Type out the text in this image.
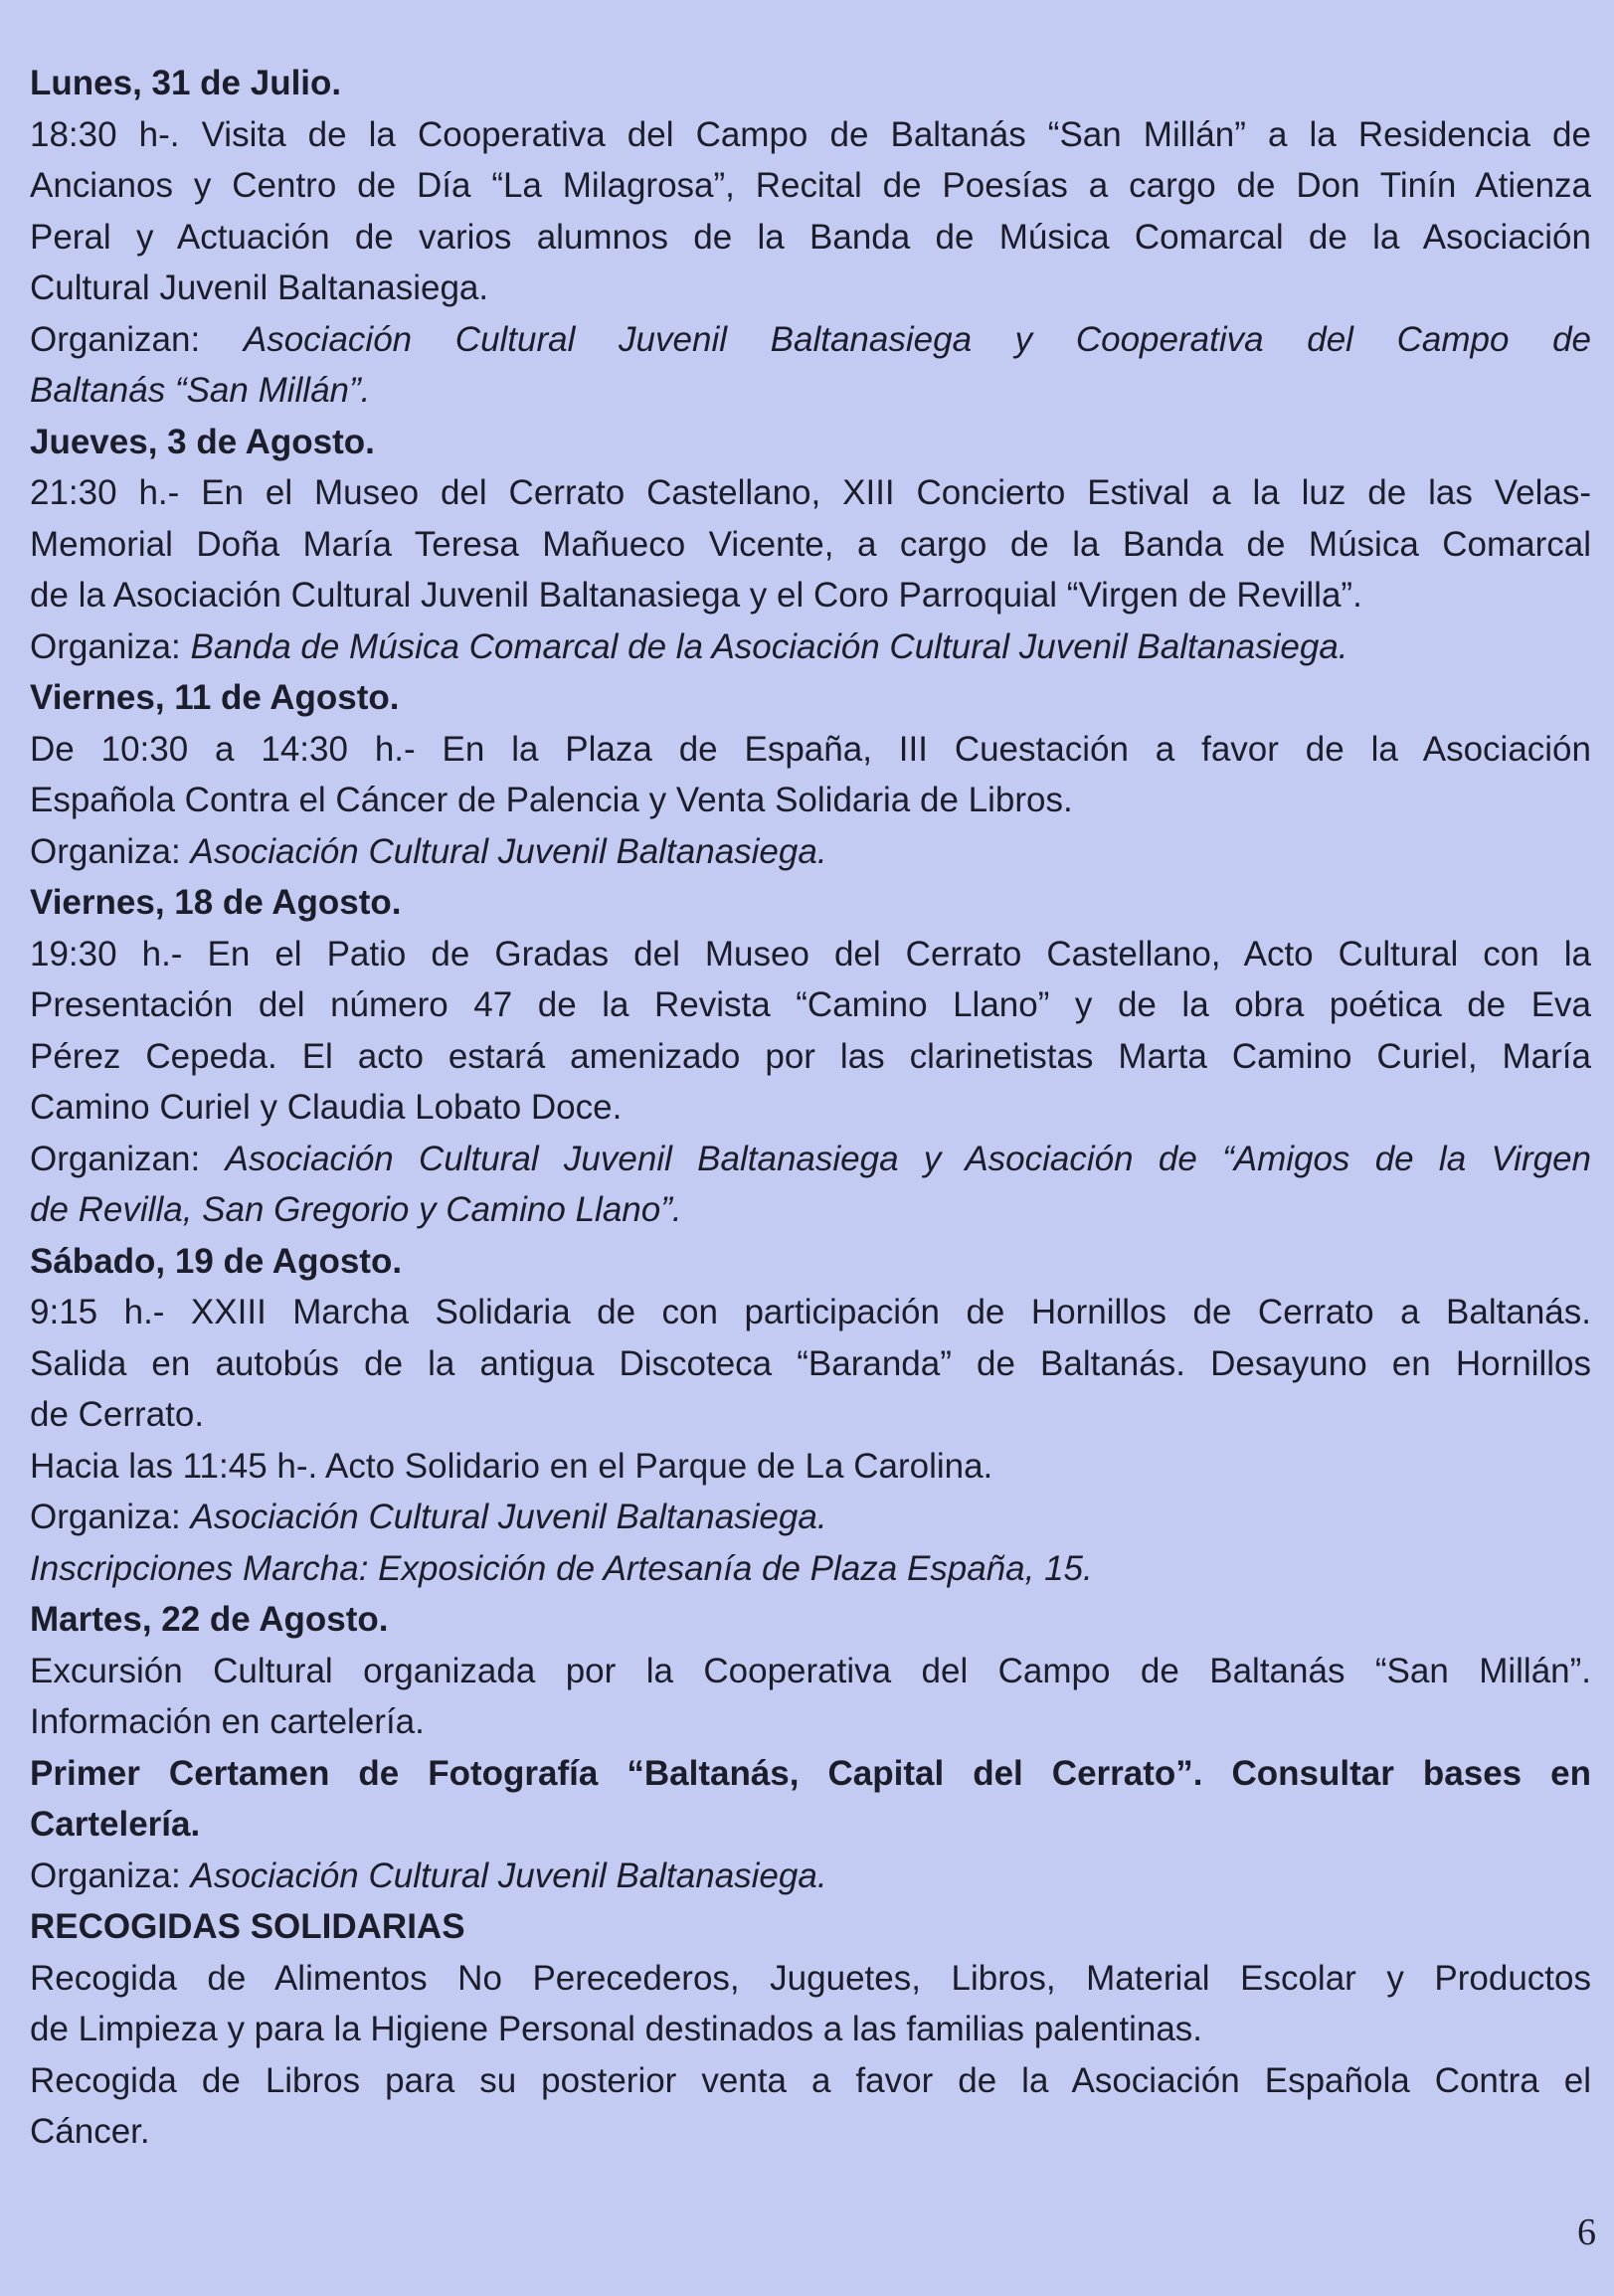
Lunes, 31 de Julio.
18:30 h-. Visita de la Cooperativa del Campo de Baltanás “San Millán” a la Residencia de
Ancianos y Centro de Día “La Milagrosa”, Recital de Poesías a cargo de Don Tinín Atienza
Peral y Actuación de varios alumnos de la Banda de Música Comarcal de la Asociación
Cultural Juvenil Baltanasiega.
Organizan: Asociación Cultural Juvenil Baltanasiega y Cooperativa del Campo de
Baltanás “San Millán”.
Jueves, 3 de Agosto.
21:30 h.- En el Museo del Cerrato Castellano, XIII Concierto Estival a la luz de las Velas-
Memorial Doña María Teresa Mañueco Vicente, a cargo de la Banda de Música Comarcal
de la Asociación Cultural Juvenil Baltanasiega y el Coro Parroquial “Virgen de Revilla”.
Organiza: Banda de Música Comarcal de la Asociación Cultural Juvenil Baltanasiega.
Viernes, 11 de Agosto.
De 10:30 a 14:30 h.- En la Plaza de España, III Cuestación a favor de la Asociación
Española Contra el Cáncer de Palencia y Venta Solidaria de Libros.
Organiza: Asociación Cultural Juvenil Baltanasiega.
Viernes, 18 de Agosto.
19:30 h.- En el Patio de Gradas del Museo del Cerrato Castellano, Acto Cultural con la
Presentación del número 47 de la Revista “Camino Llano” y de la obra poética de Eva
Pérez Cepeda. El acto estará amenizado por las clarinetistas Marta Camino Curiel, María
Camino Curiel y Claudia Lobato Doce.
Organizan: Asociación Cultural Juvenil Baltanasiega y Asociación de “Amigos de la Virgen
de Revilla, San Gregorio y Camino Llano”.
Sábado, 19 de Agosto.
9:15 h.- XXIII Marcha Solidaria de con participación de Hornillos de Cerrato a Baltanás.
Salida en autobús de la antigua Discoteca “Baranda” de Baltanás. Desayuno en Hornillos
de Cerrato.
Hacia las 11:45 h-. Acto Solidario en el Parque de La Carolina.
Organiza: Asociación Cultural Juvenil Baltanasiega.
Inscripciones Marcha: Exposición de Artesanía de Plaza España, 15.
Martes, 22 de Agosto.
Excursión Cultural organizada por la Cooperativa del Campo de Baltanás “San Millán”.
Información en cartelería.
Primer Certamen de Fotografía “Baltanás, Capital del Cerrato”. Consultar bases en
Cartelería.
Organiza: Asociación Cultural Juvenil Baltanasiega.
RECOGIDAS SOLIDARIAS
Recogida de Alimentos No Perecederos, Juguetes, Libros, Material Escolar y Productos
de Limpieza y para la Higiene Personal destinados a las familias palentinas.
Recogida de Libros para su posterior venta a favor de la Asociación Española Contra el
Cáncer.
6
